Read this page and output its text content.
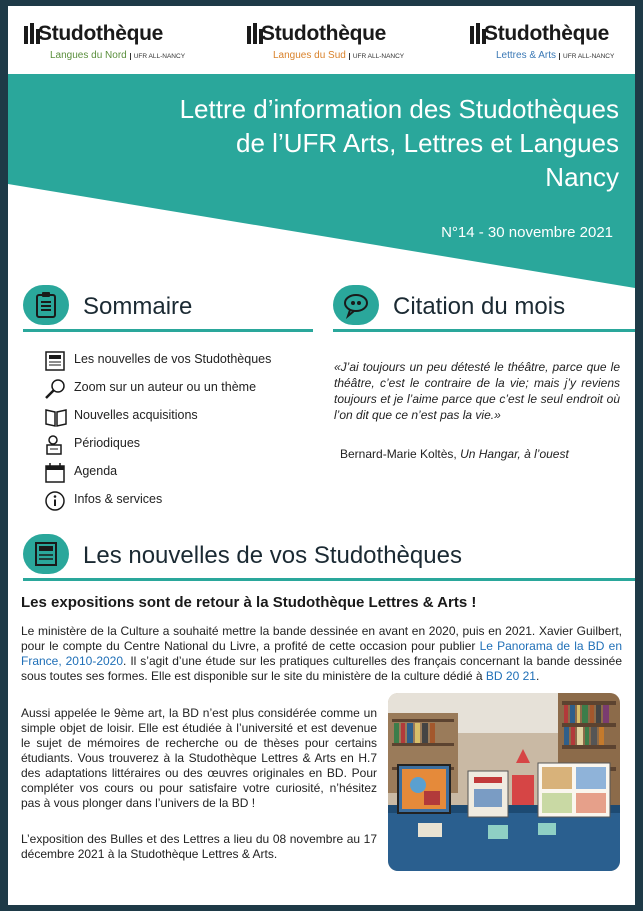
Studothèque
Langues du Nord UFR ALL-NANCY
Studothèque
Langues du Sud UFR ALL-NANCY
Studothèque
Lettres & Arts UFR ALL-NANCY
Lettre d’information des Studothèques
de l’UFR Arts, Lettres et Langues
Nancy
N°14 - 30 novembre 2021
Sommaire	Citation du mois
Les nouvelles de vos Studothèques
Zoom sur un auteur ou un thème
Nouvelles acquisitions
Périodiques
Agenda
Infos & services
«J’ai toujours un peu détesté le théâtre, parce que le théâtre, c’est le contraire de la vie; mais j’y reviens toujours et je l’aime parce que c’est le seul endroit où l’on dit que ce n’est pas la vie.»
Bernard-Marie Koltès, Un Hangar, à l’ouest
Les nouvelles de vos Studothèques
Les expositions sont de retour à la Studothèque Lettres & Arts !
Le ministère de la Culture a souhaité mettre la bande dessinée en avant en 2020, puis en 2021. Xavier Guilbert, pour le compte du Centre National du Livre, a profité de cette occasion pour publier Le Panorama de la BD en France, 2010-2020. Il s’agit d’une étude sur les pratiques culturelles des français concernant la bande dessinée sous toutes ses formes. Elle est disponible sur le site du ministère de la culture dédié à BD 20 21.
Aussi appelée le 9ème art, la BD n’est plus considérée comme un simple objet de loisir. Elle est étudiée à l’université et est devenue le sujet de mémoires de recherche ou de thèses pour certains étudiants. Vous trouverez à la Studothèque Lettres & Arts en H.7 des adaptations littéraires ou des œuvres originales en BD. Pour compléter vos cours ou pour satisfaire votre curiosité, n’hésitez pas à vous plonger dans l’univers de la BD !
L’exposition des Bulles et des Lettres a lieu du 08 novembre au 17 décembre 2021 à la Studothèque Lettres & Arts.
